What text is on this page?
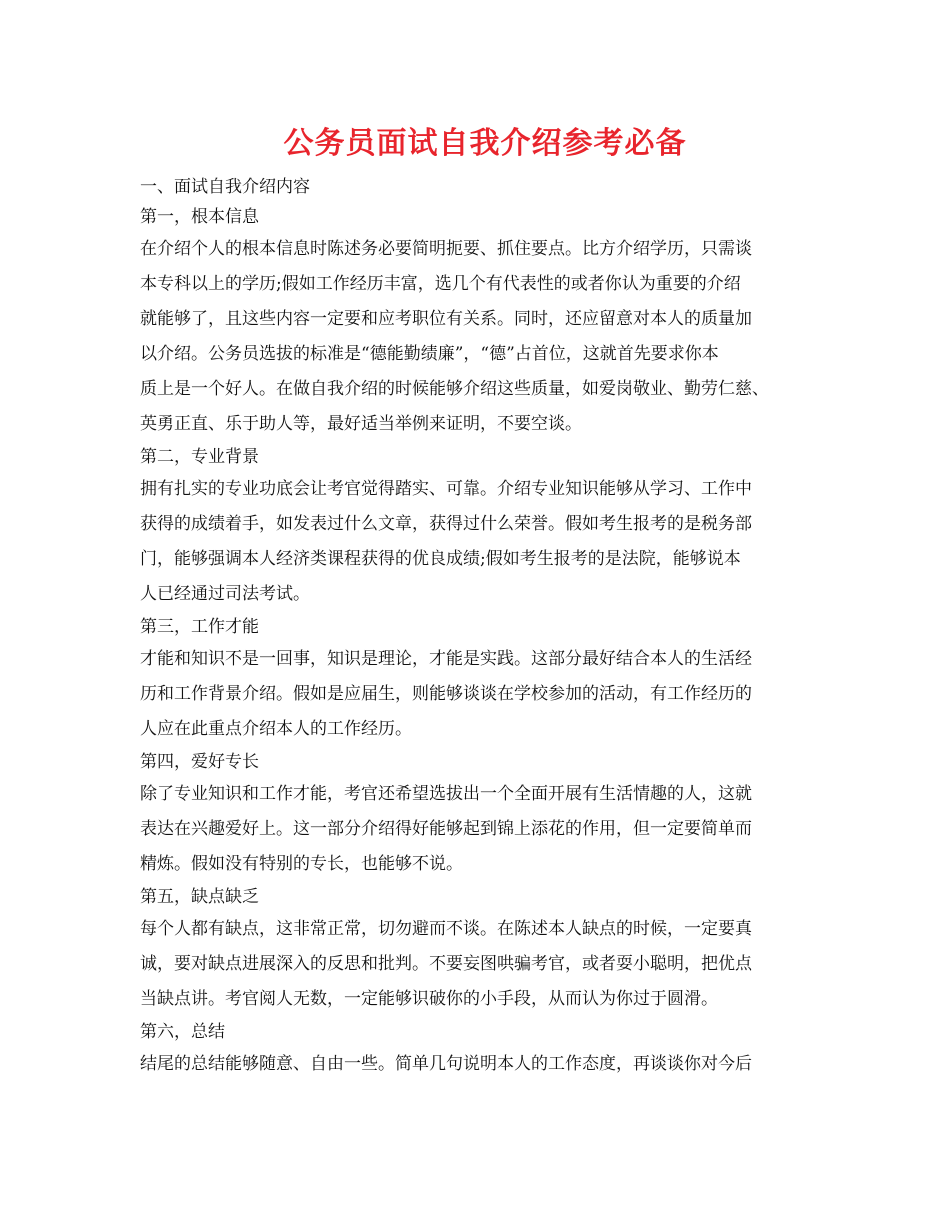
公务员面试自我介绍参考必备
一、面试自我介绍内容
第一，根本信息
在介绍个人的根本信息时陈述务必要简明扼要、抓住要点。比方介绍学历，只需谈
本专科以上的学历;假如工作经历丰富，选几个有代表性的或者你认为重要的介绍
就能够了，且这些内容一定要和应考职位有关系。同时，还应留意对本人的质量加
以介绍。公务员选拔的标准是“德能勤绩廉”，“德”占首位，这就首先要求你本
质上是一个好人。在做自我介绍的时候能够介绍这些质量，如爱岗敬业、勤劳仁慈、
英勇正直、乐于助人等，最好适当举例来证明，不要空谈。
第二，专业背景
拥有扎实的专业功底会让考官觉得踏实、可靠。介绍专业知识能够从学习、工作中
获得的成绩着手，如发表过什么文章，获得过什么荣誉。假如考生报考的是税务部
门，能够强调本人经济类课程获得的优良成绩;假如考生报考的是法院，能够说本
人已经通过司法考试。
第三，工作才能
才能和知识不是一回事，知识是理论，才能是实践。这部分最好结合本人的生活经
历和工作背景介绍。假如是应届生，则能够谈谈在学校参加的活动，有工作经历的
人应在此重点介绍本人的工作经历。
第四，爱好专长
除了专业知识和工作才能，考官还希望选拔出一个全面开展有生活情趣的人，这就
表达在兴趣爱好上。这一部分介绍得好能够起到锦上添花的作用，但一定要简单而
精炼。假如没有特别的专长，也能够不说。
第五，缺点缺乏
每个人都有缺点，这非常正常，切勿避而不谈。在陈述本人缺点的时候，一定要真
诚，要对缺点进展深入的反思和批判。不要妄图哄骗考官，或者耍小聪明，把优点
当缺点讲。考官阅人无数，一定能够识破你的小手段，从而认为你过于圆滑。
第六，总结
结尾的总结能够随意、自由一些。简单几句说明本人的工作态度，再谈谈你对今后
